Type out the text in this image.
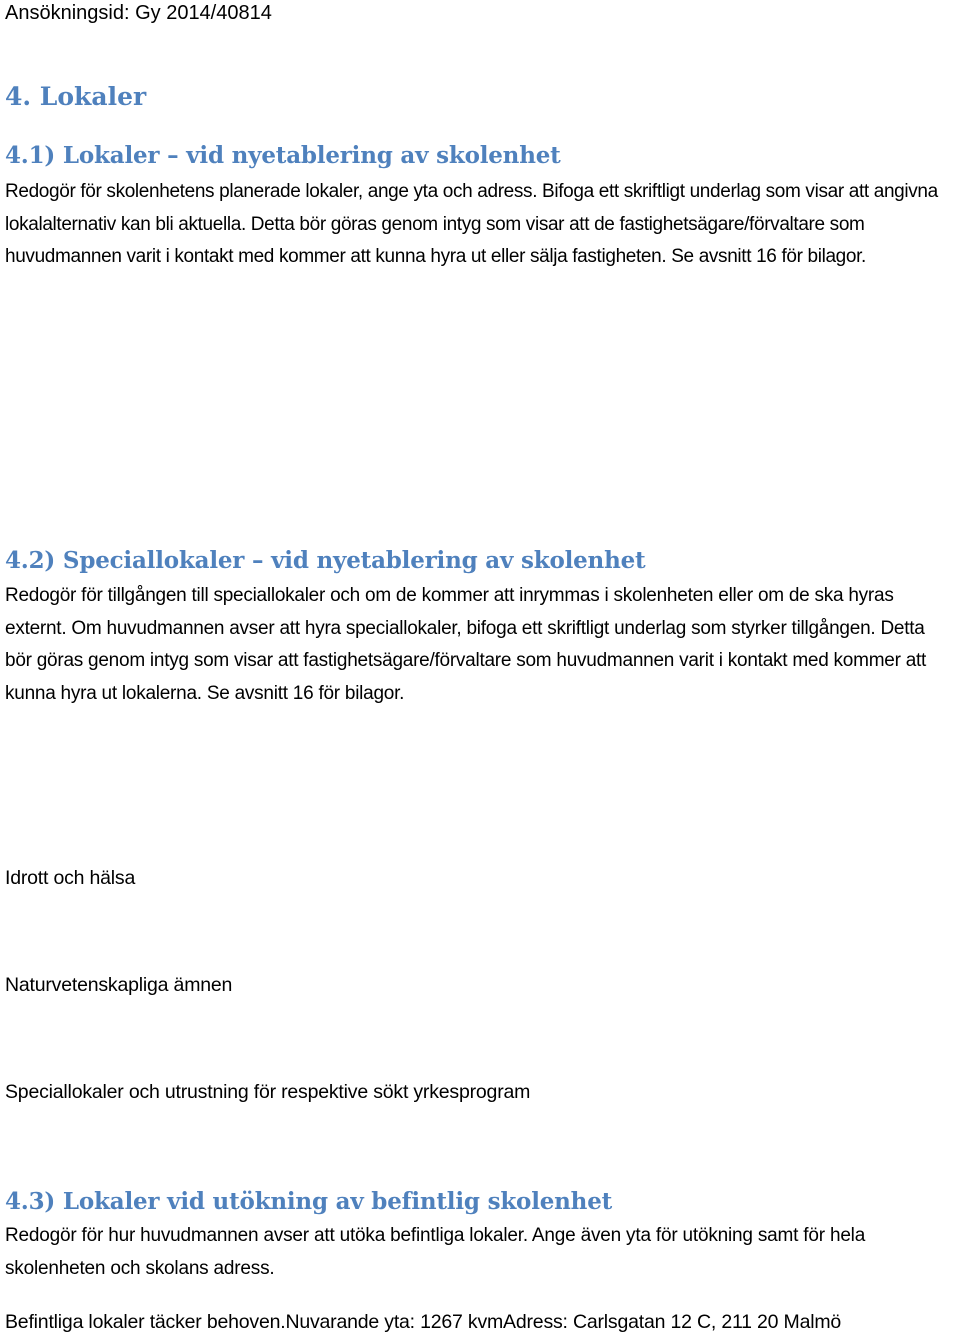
Ansökningsid: Gy 2014/40814
4. Lokaler
4.1) Lokaler – vid nyetablering av skolenhet

Redogör för skolenhetens planerade lokaler, ange yta och adress. Bifoga ett skriftligt underlag som visar att angivna lokalalternativ kan bli aktuella. Detta bör göras genom intyg som visar att de fastighetsägare/förvaltare som huvudmannen varit i kontakt med kommer att kunna hyra ut eller sälja fastigheten. Se avsnitt 16 för bilagor.

4.2) Speciallokaler – vid nyetablering av skolenhet

Redogör för tillgången till speciallokaler och om de kommer att inrymmas i skolenheten eller om de ska hyras externt. Om huvudmannen avser att hyra speciallokaler, bifoga ett skriftligt underlag som styrker tillgången. Detta bör göras genom intyg som visar att fastighetsägare/förvaltare som huvudmannen varit i kontakt med kommer att kunna hyra ut lokalerna. Se avsnitt 16 för bilagor.

Idrott och hälsa
Naturvetenskapliga ämnen
Speciallokaler och utrustning för respektive sökt yrkesprogram
4.3) Lokaler vid utökning av befintlig skolenhet

Redogör för hur huvudmannen avser att utöka befintliga lokaler. Ange även yta för utökning samt för hela skolenheten och skolans adress.

Befintliga lokaler täcker behoven.Nuvarande yta: 1267 kvmAdress: Carlsgatan 12 C, 211 20 Malmö
